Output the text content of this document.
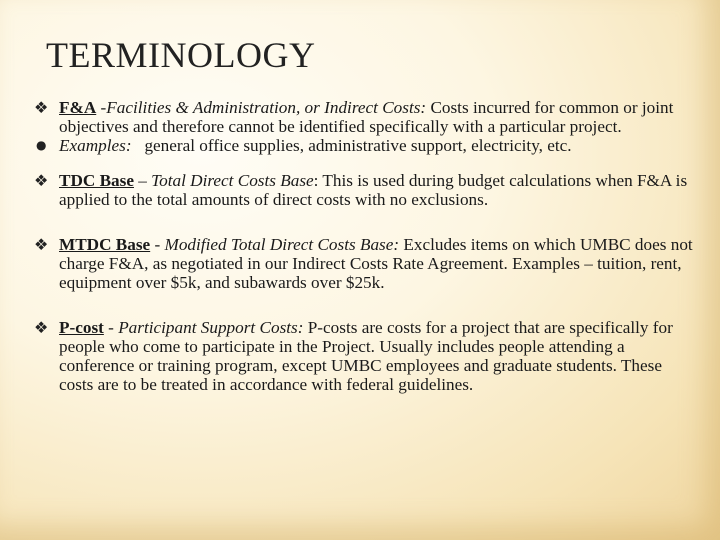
TERMINOLOGY
❖ F&A -Facilities & Administration, or Indirect Costs: Costs incurred for common or joint objectives and therefore cannot be identified specifically with a particular project.
● Examples:   general office supplies, administrative support, electricity, etc.
❖ TDC Base – Total Direct Costs Base: This is used during budget calculations when F&A is applied to the total amounts of direct costs with no exclusions.
❖ MTDC Base - Modified Total Direct Costs Base: Excludes items on which UMBC does not charge F&A, as negotiated in our Indirect Costs Rate Agreement. Examples – tuition, rent, equipment over $5k, and subawards over $25k.
❖ P-cost - Participant Support Costs: P-costs are costs for a project that are specifically for people who come to participate in the Project. Usually includes people attending a conference or training program, except UMBC employees and graduate students. These costs are to be treated in accordance with federal guidelines.
